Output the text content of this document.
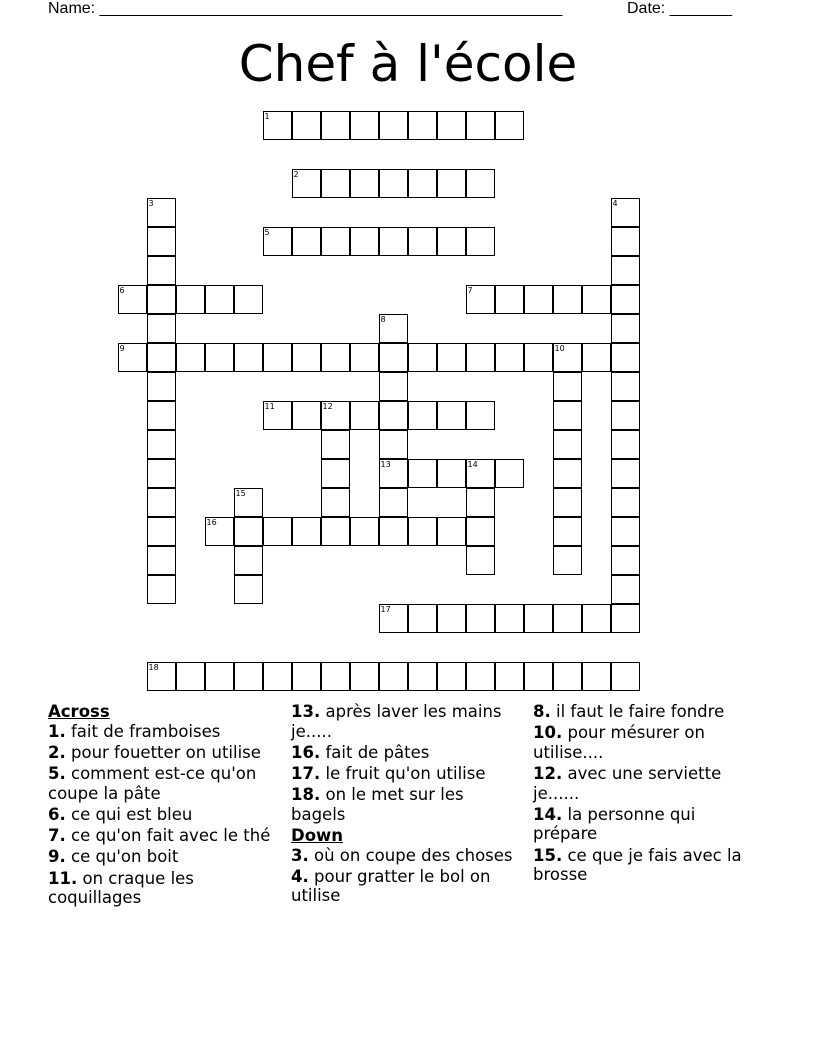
Name: ____________________________________________________	Date: _______
Chef à l'école
1
2
3	4
5
6	7
8
9	10
11	12
13	14
15
16
17
18
Across
1. fait de framboises
2. pour fouetter on utilise
5. comment est-ce qu'on coupe la pâte
6. ce qui est bleu
7. ce qu'on fait avec le thé
9. ce qu'on boit
11. on craque les coquillages
13. après laver les mains je.....
16. fait de pâtes
17. le fruit qu'on utilise
18. on le met sur les bagels
Down
3. où on coupe des choses
4. pour gratter le bol on utilise
8. il faut le faire fondre
10. pour mésurer on utilise....
12. avec une serviette je......
14. la personne qui prépare
15. ce que je fais avec la brosse
